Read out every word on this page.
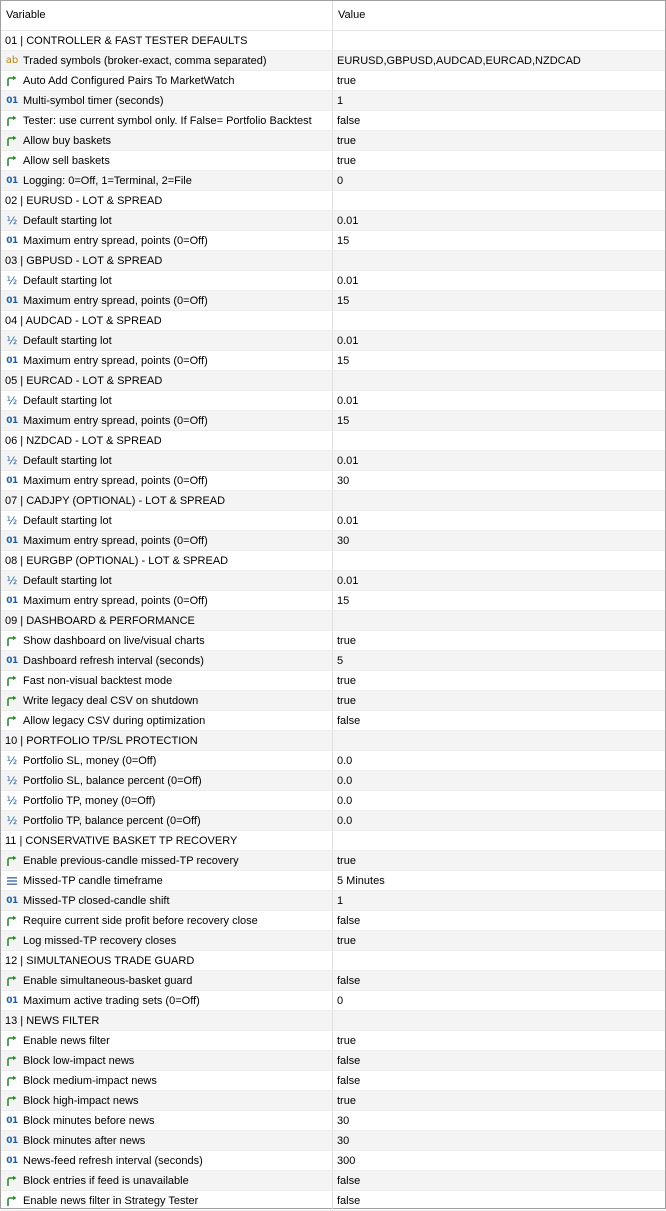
Variable	Value
01 | CONTROLLER & FAST TESTER DEFAULTS
ab Traded symbols (broker-exact, comma separated)	EURUSD,GBPUSD,AUDCAD,EURCAD,NZDCAD
Auto Add Configured Pairs To MarketWatch	true
01 Multi-symbol timer (seconds)	1
Tester: use current symbol only. If False= Portfolio Backtest	false
Allow buy baskets	true
Allow sell baskets	true
01 Logging: 0=Off, 1=Terminal, 2=File	0
02 | EURUSD - LOT & SPREAD
½ Default starting lot	0.01
01 Maximum entry spread, points (0=Off)	15
03 | GBPUSD - LOT & SPREAD
½ Default starting lot	0.01
01 Maximum entry spread, points (0=Off)	15
04 | AUDCAD - LOT & SPREAD
½ Default starting lot	0.01
01 Maximum entry spread, points (0=Off)	15
05 | EURCAD - LOT & SPREAD
½ Default starting lot	0.01
01 Maximum entry spread, points (0=Off)	15
06 | NZDCAD - LOT & SPREAD
½ Default starting lot	0.01
01 Maximum entry spread, points (0=Off)	30
07 | CADJPY (OPTIONAL) - LOT & SPREAD
½ Default starting lot	0.01
01 Maximum entry spread, points (0=Off)	30
08 | EURGBP (OPTIONAL) - LOT & SPREAD
½ Default starting lot	0.01
01 Maximum entry spread, points (0=Off)	15
09 | DASHBOARD & PERFORMANCE
Show dashboard on live/visual charts	true
01 Dashboard refresh interval (seconds)	5
Fast non-visual backtest mode	true
Write legacy deal CSV on shutdown	true
Allow legacy CSV during optimization	false
10 | PORTFOLIO TP/SL PROTECTION
½ Portfolio SL, money (0=Off)	0.0
½ Portfolio SL, balance percent (0=Off)	0.0
½ Portfolio TP, money (0=Off)	0.0
½ Portfolio TP, balance percent (0=Off)	0.0
11 | CONSERVATIVE BASKET TP RECOVERY
Enable previous-candle missed-TP recovery	true
Missed-TP candle timeframe	5 Minutes
01 Missed-TP closed-candle shift	1
Require current side profit before recovery close	false
Log missed-TP recovery closes	true
12 | SIMULTANEOUS TRADE GUARD
Enable simultaneous-basket guard	false
01 Maximum active trading sets (0=Off)	0
13 | NEWS FILTER
Enable news filter	true
Block low-impact news	false
Block medium-impact news	false
Block high-impact news	true
01 Block minutes before news	30
01 Block minutes after news	30
01 News-feed refresh interval (seconds)	300
Block entries if feed is unavailable	false
Enable news filter in Strategy Tester	false
